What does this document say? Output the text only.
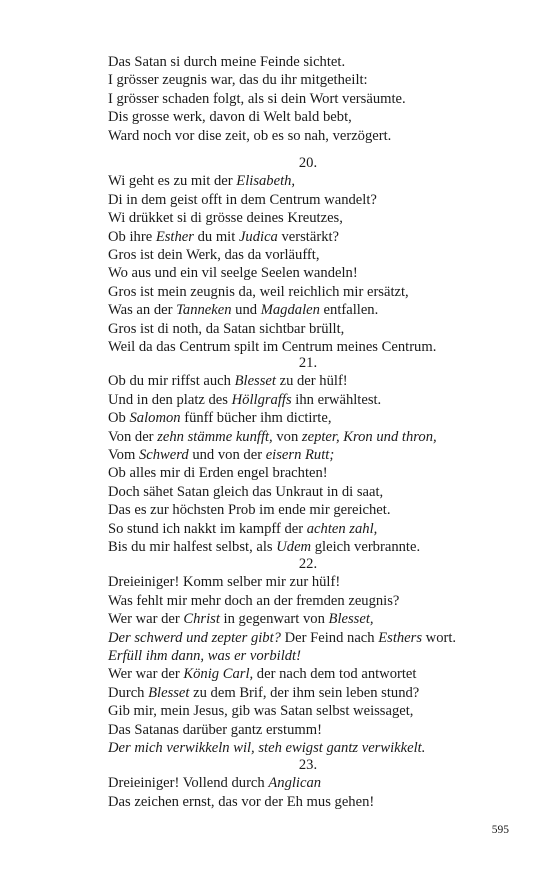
Das Satan si durch meine Feinde sichtet.
I grösser zeugnis war, das du ihr mitgetheilt:
I grösser schaden folgt, als si dein Wort versäumte.
Dis grosse werk, davon di Welt bald bebt,
Ward noch vor dise zeit, ob es so nah, verzögert.
20.
Wi geht es zu mit der Elisabeth,
Di in dem geist offt in dem Centrum wandelt?
Wi drükket si di grösse deines Kreutzes,
Ob ihre Esther du mit Judica verstärkt?
Gros ist dein Werk, das da vorläufft,
Wo aus und ein vil seelge Seelen wandeln!
Gros ist mein zeugnis da, weil reichlich mir ersätzt,
Was an der Tanneken und Magdalen entfallen.
Gros ist di noth, da Satan sichtbar brüllt,
Weil da das Centrum spilt im Centrum meines Centrum.
21.
Ob du mir riffst auch Blesset zu der hülf!
Und in den platz des Höllgraffs ihn erwähltest.
Ob Salomon fünff bücher ihm dictirte,
Von der zehn stämme kunfft, von zepter, Kron und thron,
Vom Schwerd und von der eisern Rutt;
Ob alles mir di Erden engel brachten!
Doch sähet Satan gleich das Unkraut in di saat,
Das es zur höchsten Prob im ende mir gereichet.
So stund ich nakkt im kampff der achten zahl,
Bis du mir halfest selbst, als Udem gleich verbrannte.
22.
Dreieiniger! Komm selber mir zur hülf!
Was fehlt mir mehr doch an der fremden zeugnis?
Wer war der Christ in gegenwart von Blesset,
Der schwerd und zepter gibt? Der Feind nach Esthers wort.
Erfüll ihm dann, was er vorbildt!
Wer war der König Carl, der nach dem tod antwortet
Durch Blesset zu dem Brif, der ihm sein leben stund?
Gib mir, mein Jesus, gib was Satan selbst weissaget,
Das Satanas darüber gantz erstumm!
Der mich verwikkeln wil, steh ewigst gantz verwikkelt.
23.
Dreieiniger! Vollend durch Anglican
Das zeichen ernst, das vor der Eh mus gehen!
595
